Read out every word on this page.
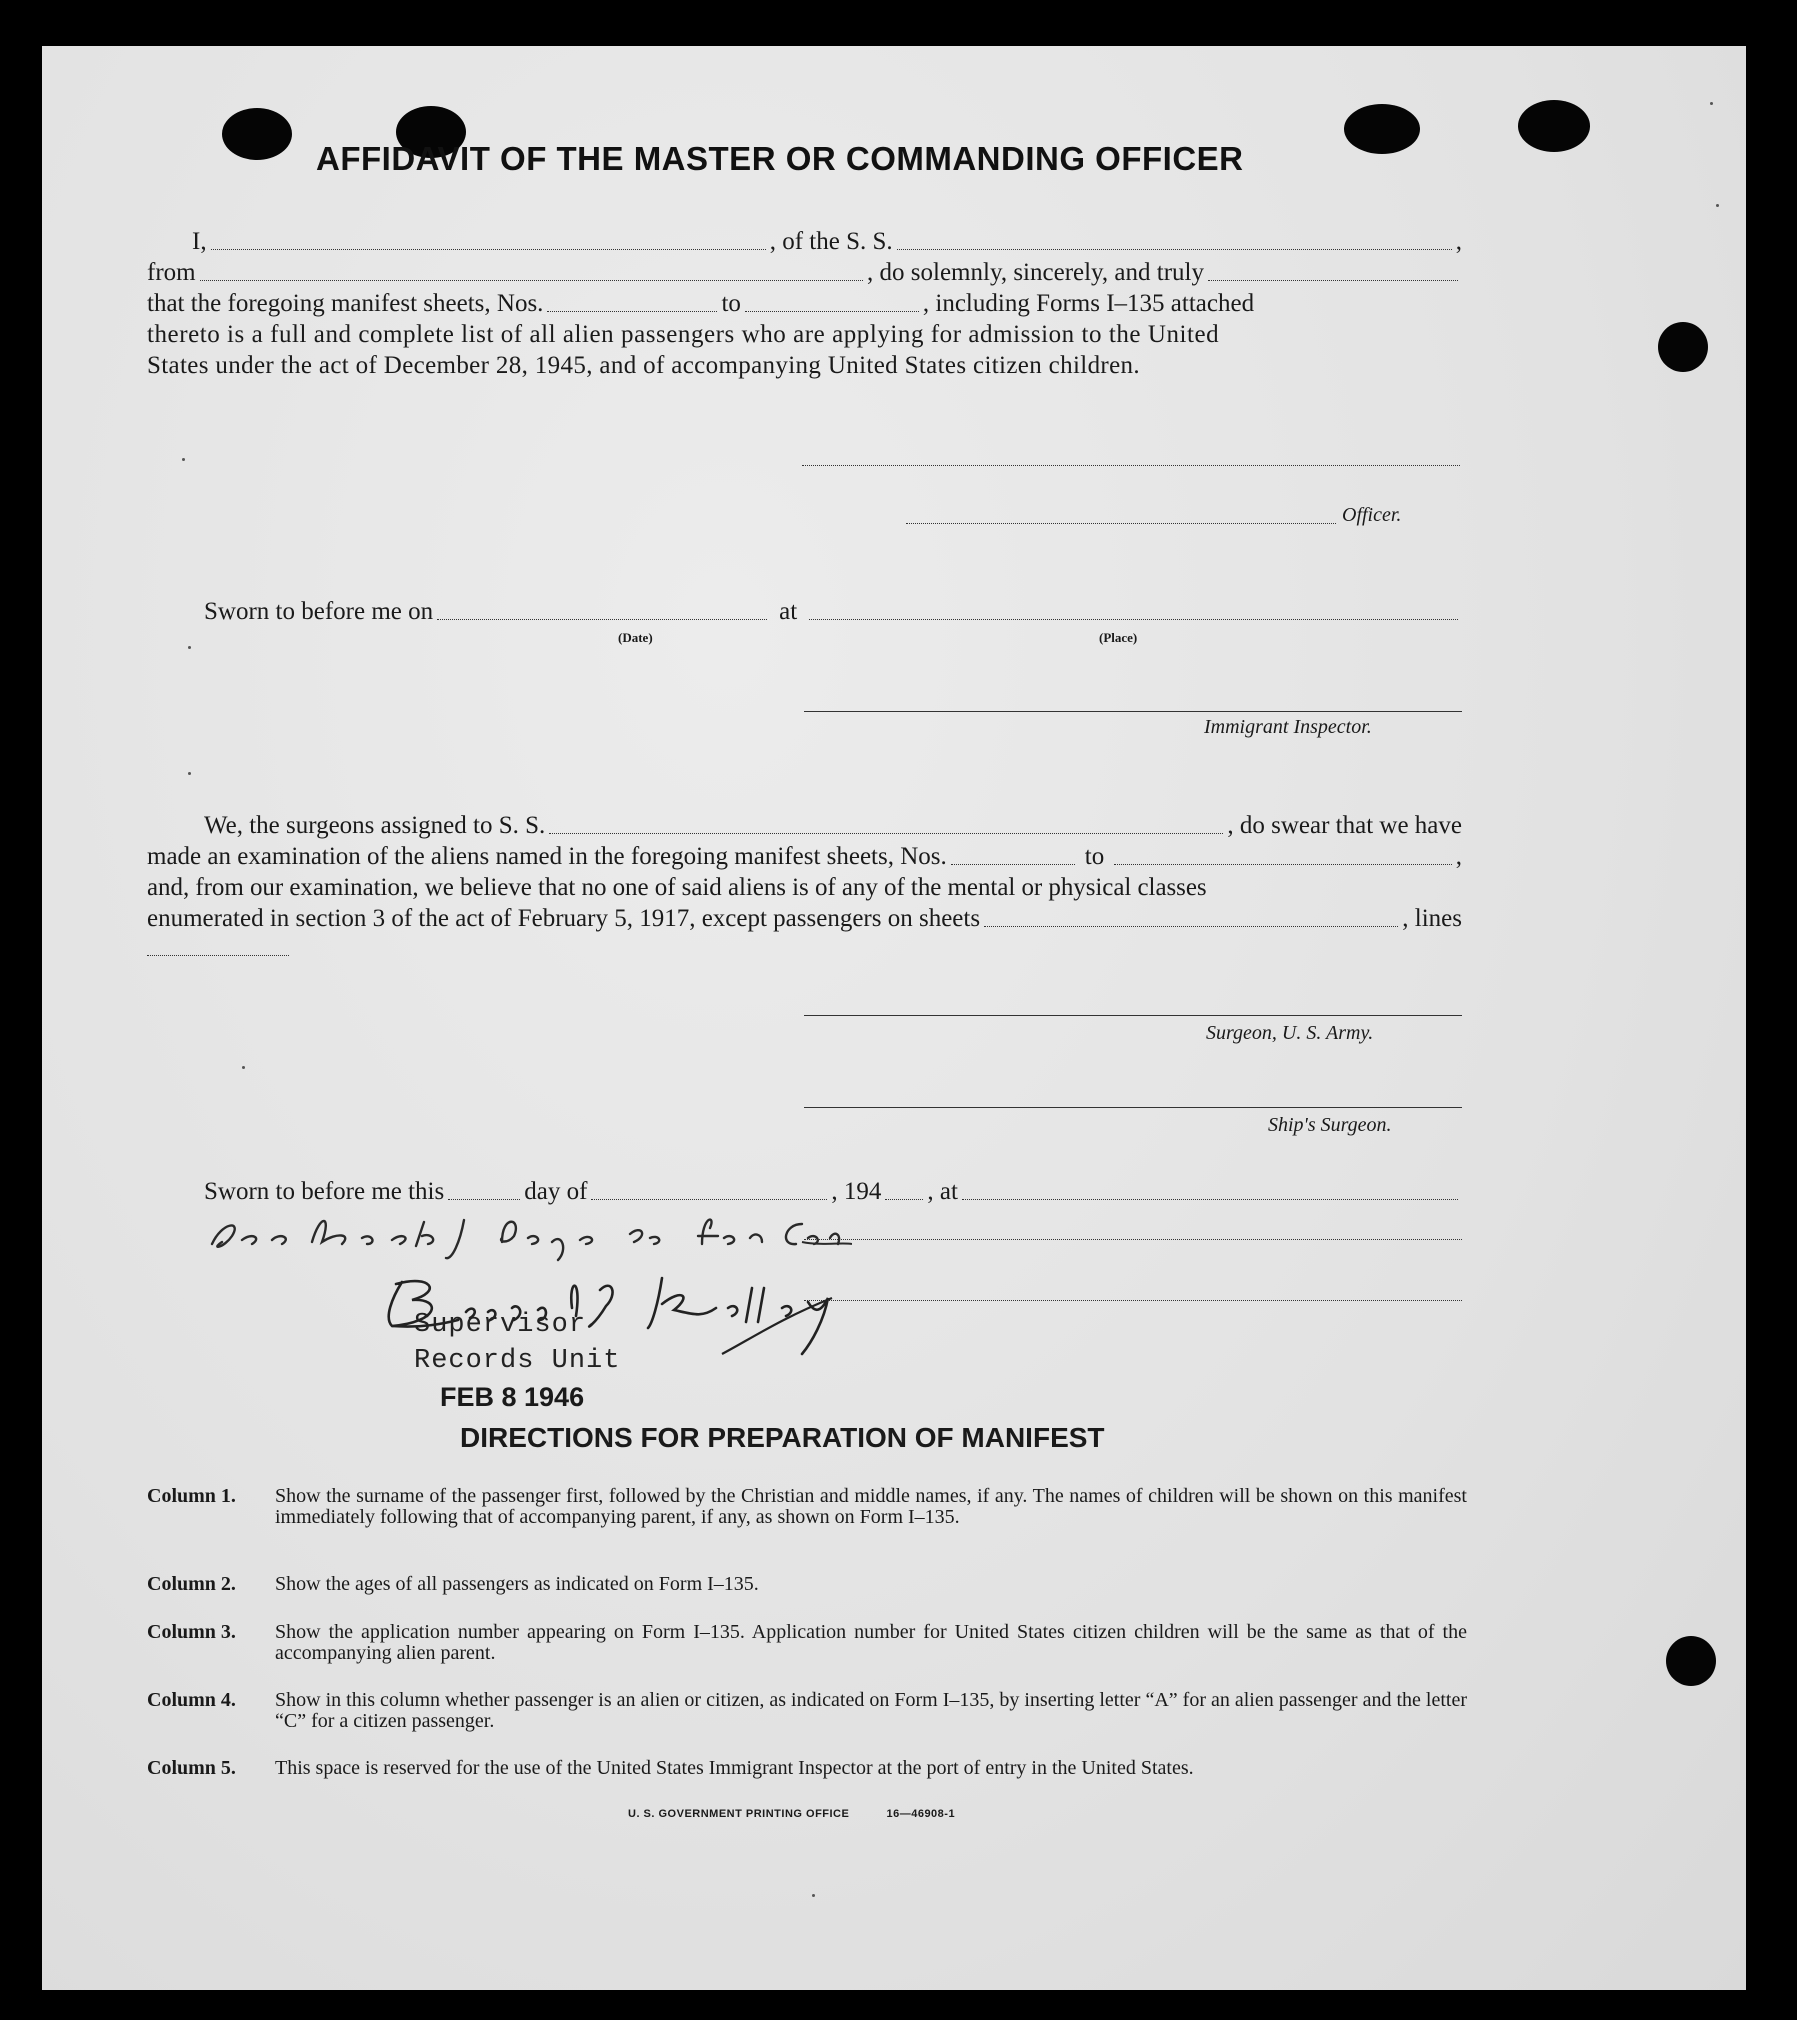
AFFIDAVIT OF THE MASTER OR COMMANDING OFFICER
I,	, of the S. S.	,
from	, do solemnly, sincerely, and truly
that the foregoing manifest sheets, Nos.	to	, including Forms I–135 attached
thereto is a full and complete list of all alien passengers who are applying for admission to the United
States under the act of December 28, 1945, and of accompanying United States citizen children.
Officer.
Sworn to before me on	at
(Date)	(Place)
Immigrant Inspector.
We, the surgeons assigned to S. S.	, do swear that we have
made an examination of the aliens named in the foregoing manifest sheets, Nos.	to	,
and, from our examination, we believe that no one of said aliens is of any of the mental or physical classes
enumerated in section 3 of the act of February 5, 1917, except passengers on sheets	, lines
Surgeon, U. S. Army.
Ship's Surgeon.
Sworn to before me this	day of	, 194 , at
Supervisor
Records Unit
FEB 8 1946
DIRECTIONS FOR PREPARATION OF MANIFEST
Column 1.	Show the surname of the passenger first, followed by the Christian and middle names, if any. The names of children will be shown on this manifest immediately following that of accompanying parent, if any, as shown on Form I–135.
Column 2.	Show the ages of all passengers as indicated on Form I–135.
Column 3.	Show the application number appearing on Form I–135. Application number for United States citizen children will be the same as that of the accompanying alien parent.
Column 4.	Show in this column whether passenger is an alien or citizen, as indicated on Form I–135, by inserting letter “A” for an alien passenger and the letter “C” for a citizen passenger.
Column 5.	This space is reserved for the use of the United States Immigrant Inspector at the port of entry in the United States.
U. S. GOVERNMENT PRINTING OFFICE	16—46908-1
